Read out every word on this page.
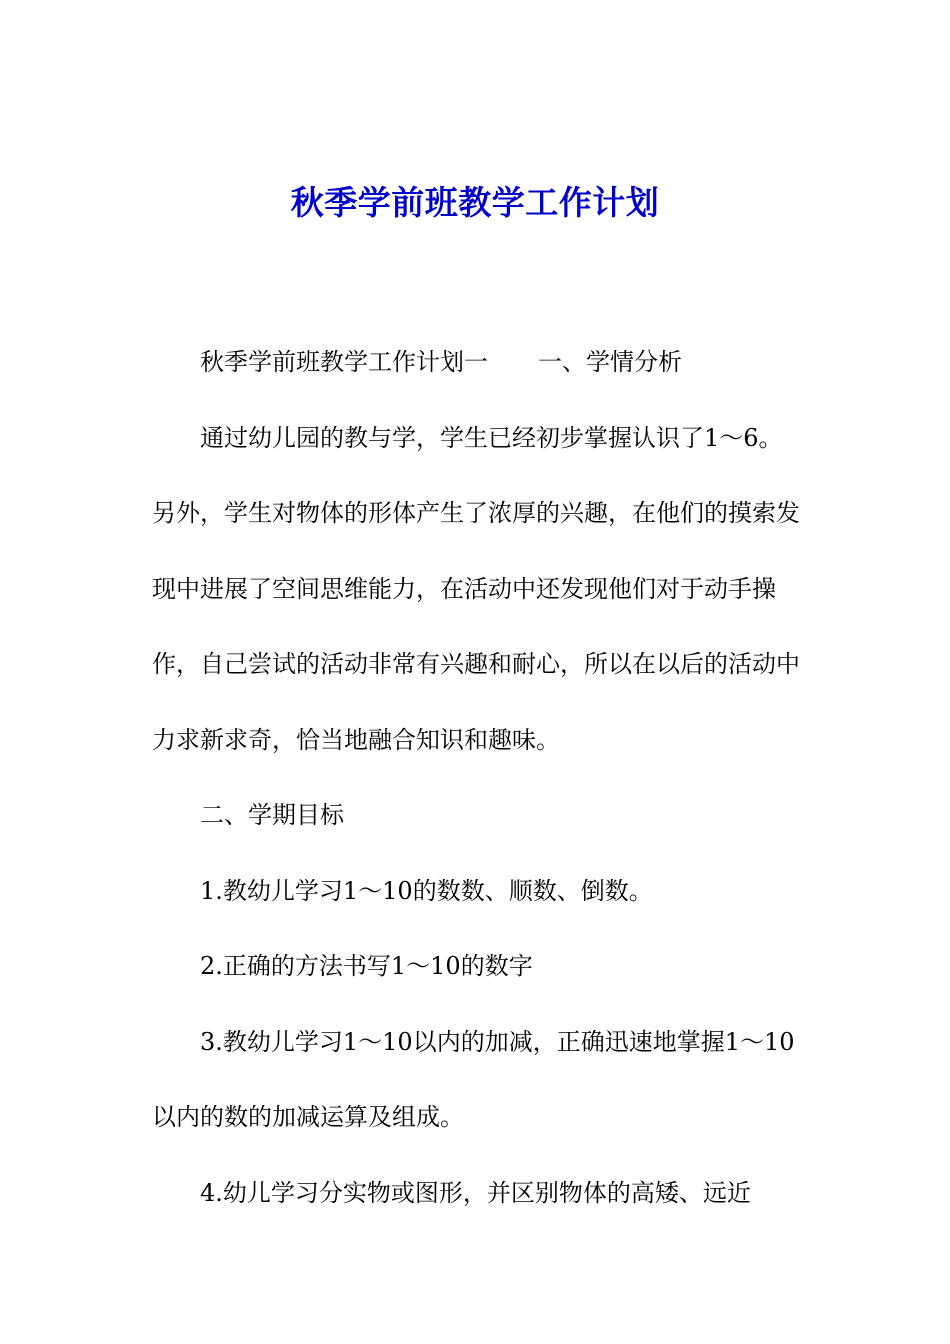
秋季学前班教学工作计划

秋季学前班教学工作计划一 一、学情分析

通过幼儿园的教与学，学生已经初步掌握认识了1～6。另外，学生对物体的形体产生了浓厚的兴趣，在他们的摸索发现中进展了空间思维能力，在活动中还发现他们对于动手操作，自己尝试的活动非常有兴趣和耐心，所以在以后的活动中力求新求奇，恰当地融合知识和趣味。

二、学期目标

1.教幼儿学习1～10的数数、顺数、倒数。

2.正确的方法书写1～10的数字

3.教幼儿学习1～10以内的加减，正确迅速地掌握1～10以内的数的加减运算及组成。

4.幼儿学习分实物或图形，并区别物体的高矮、远近
